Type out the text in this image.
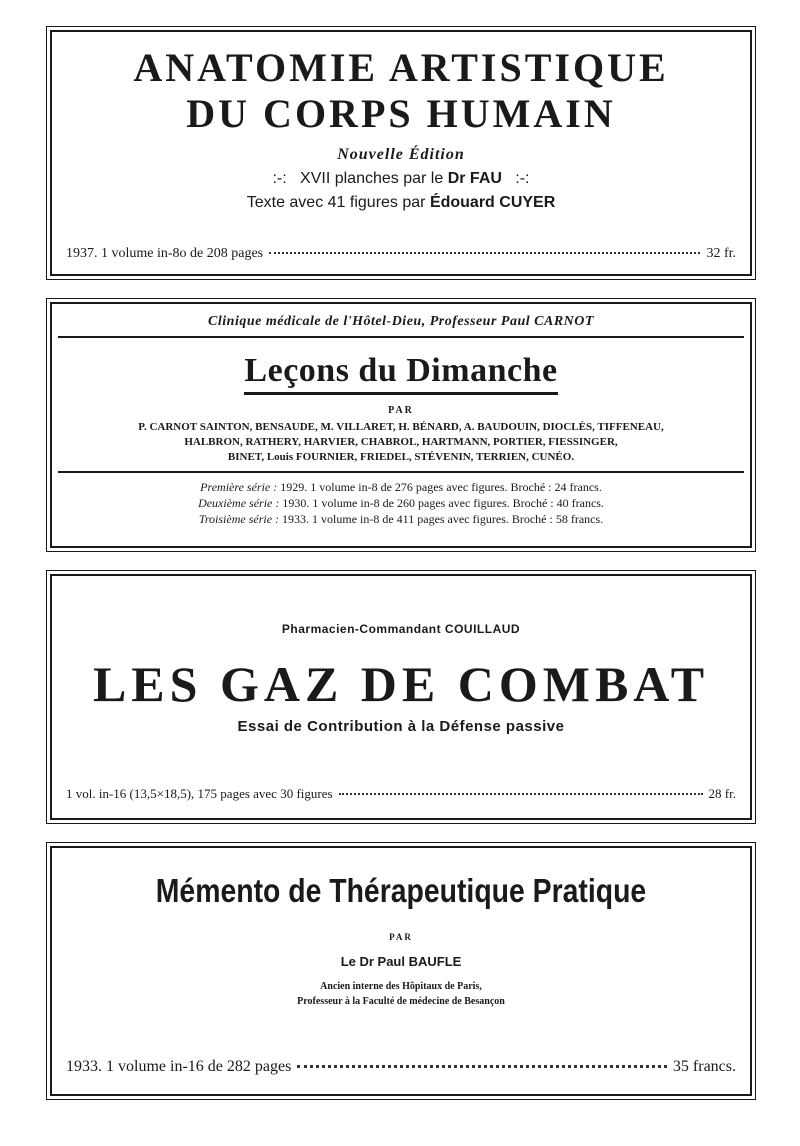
ANATOMIE ARTISTIQUE
DU CORPS HUMAIN
Nouvelle Édition
:-: XVII planches par le Dr FAU :-:
Texte avec 41 figures par Édouard CUYER
1937. 1 volume in-8o de 208 pages	32 fr.
Clinique médicale de l'Hôtel-Dieu, Professeur Paul CARNOT
Leçons du Dimanche
PAR
P. CARNOT SAINTON, BENSAUDE, M. VILLARET, H. BÉNARD, A. BAUDOUIN, DIOCLÈS, TIFFENEAU,
HALBRON, RATHERY, HARVIER, CHABROL, HARTMANN, PORTIER, FIESSINGER,
BINET, Louis FOURNIER, FRIEDEL, STÉVENIN, TERRIEN, CUNÉO.
Première série : 1929. 1 volume in-8 de 276 pages avec figures. Broché : 24 francs.
Deuxième série : 1930. 1 volume in-8 de 260 pages avec figures. Broché : 40 francs.
Troisième série : 1933. 1 volume in-8 de 411 pages avec figures. Broché : 58 francs.
Pharmacien-Commandant COUILLAUD
LES GAZ DE COMBAT
Essai de Contribution à la Défense passive
1 vol. in-16 (13,5×18,5), 175 pages avec 30 figures	28 fr.
Mémento de Thérapeutique Pratique
PAR
Le Dr Paul BAUFLE
Ancien interne des Hôpitaux de Paris,
Professeur à la Faculté de médecine de Besançon
1933. 1 volume in-16 de 282 pages	35 francs.
